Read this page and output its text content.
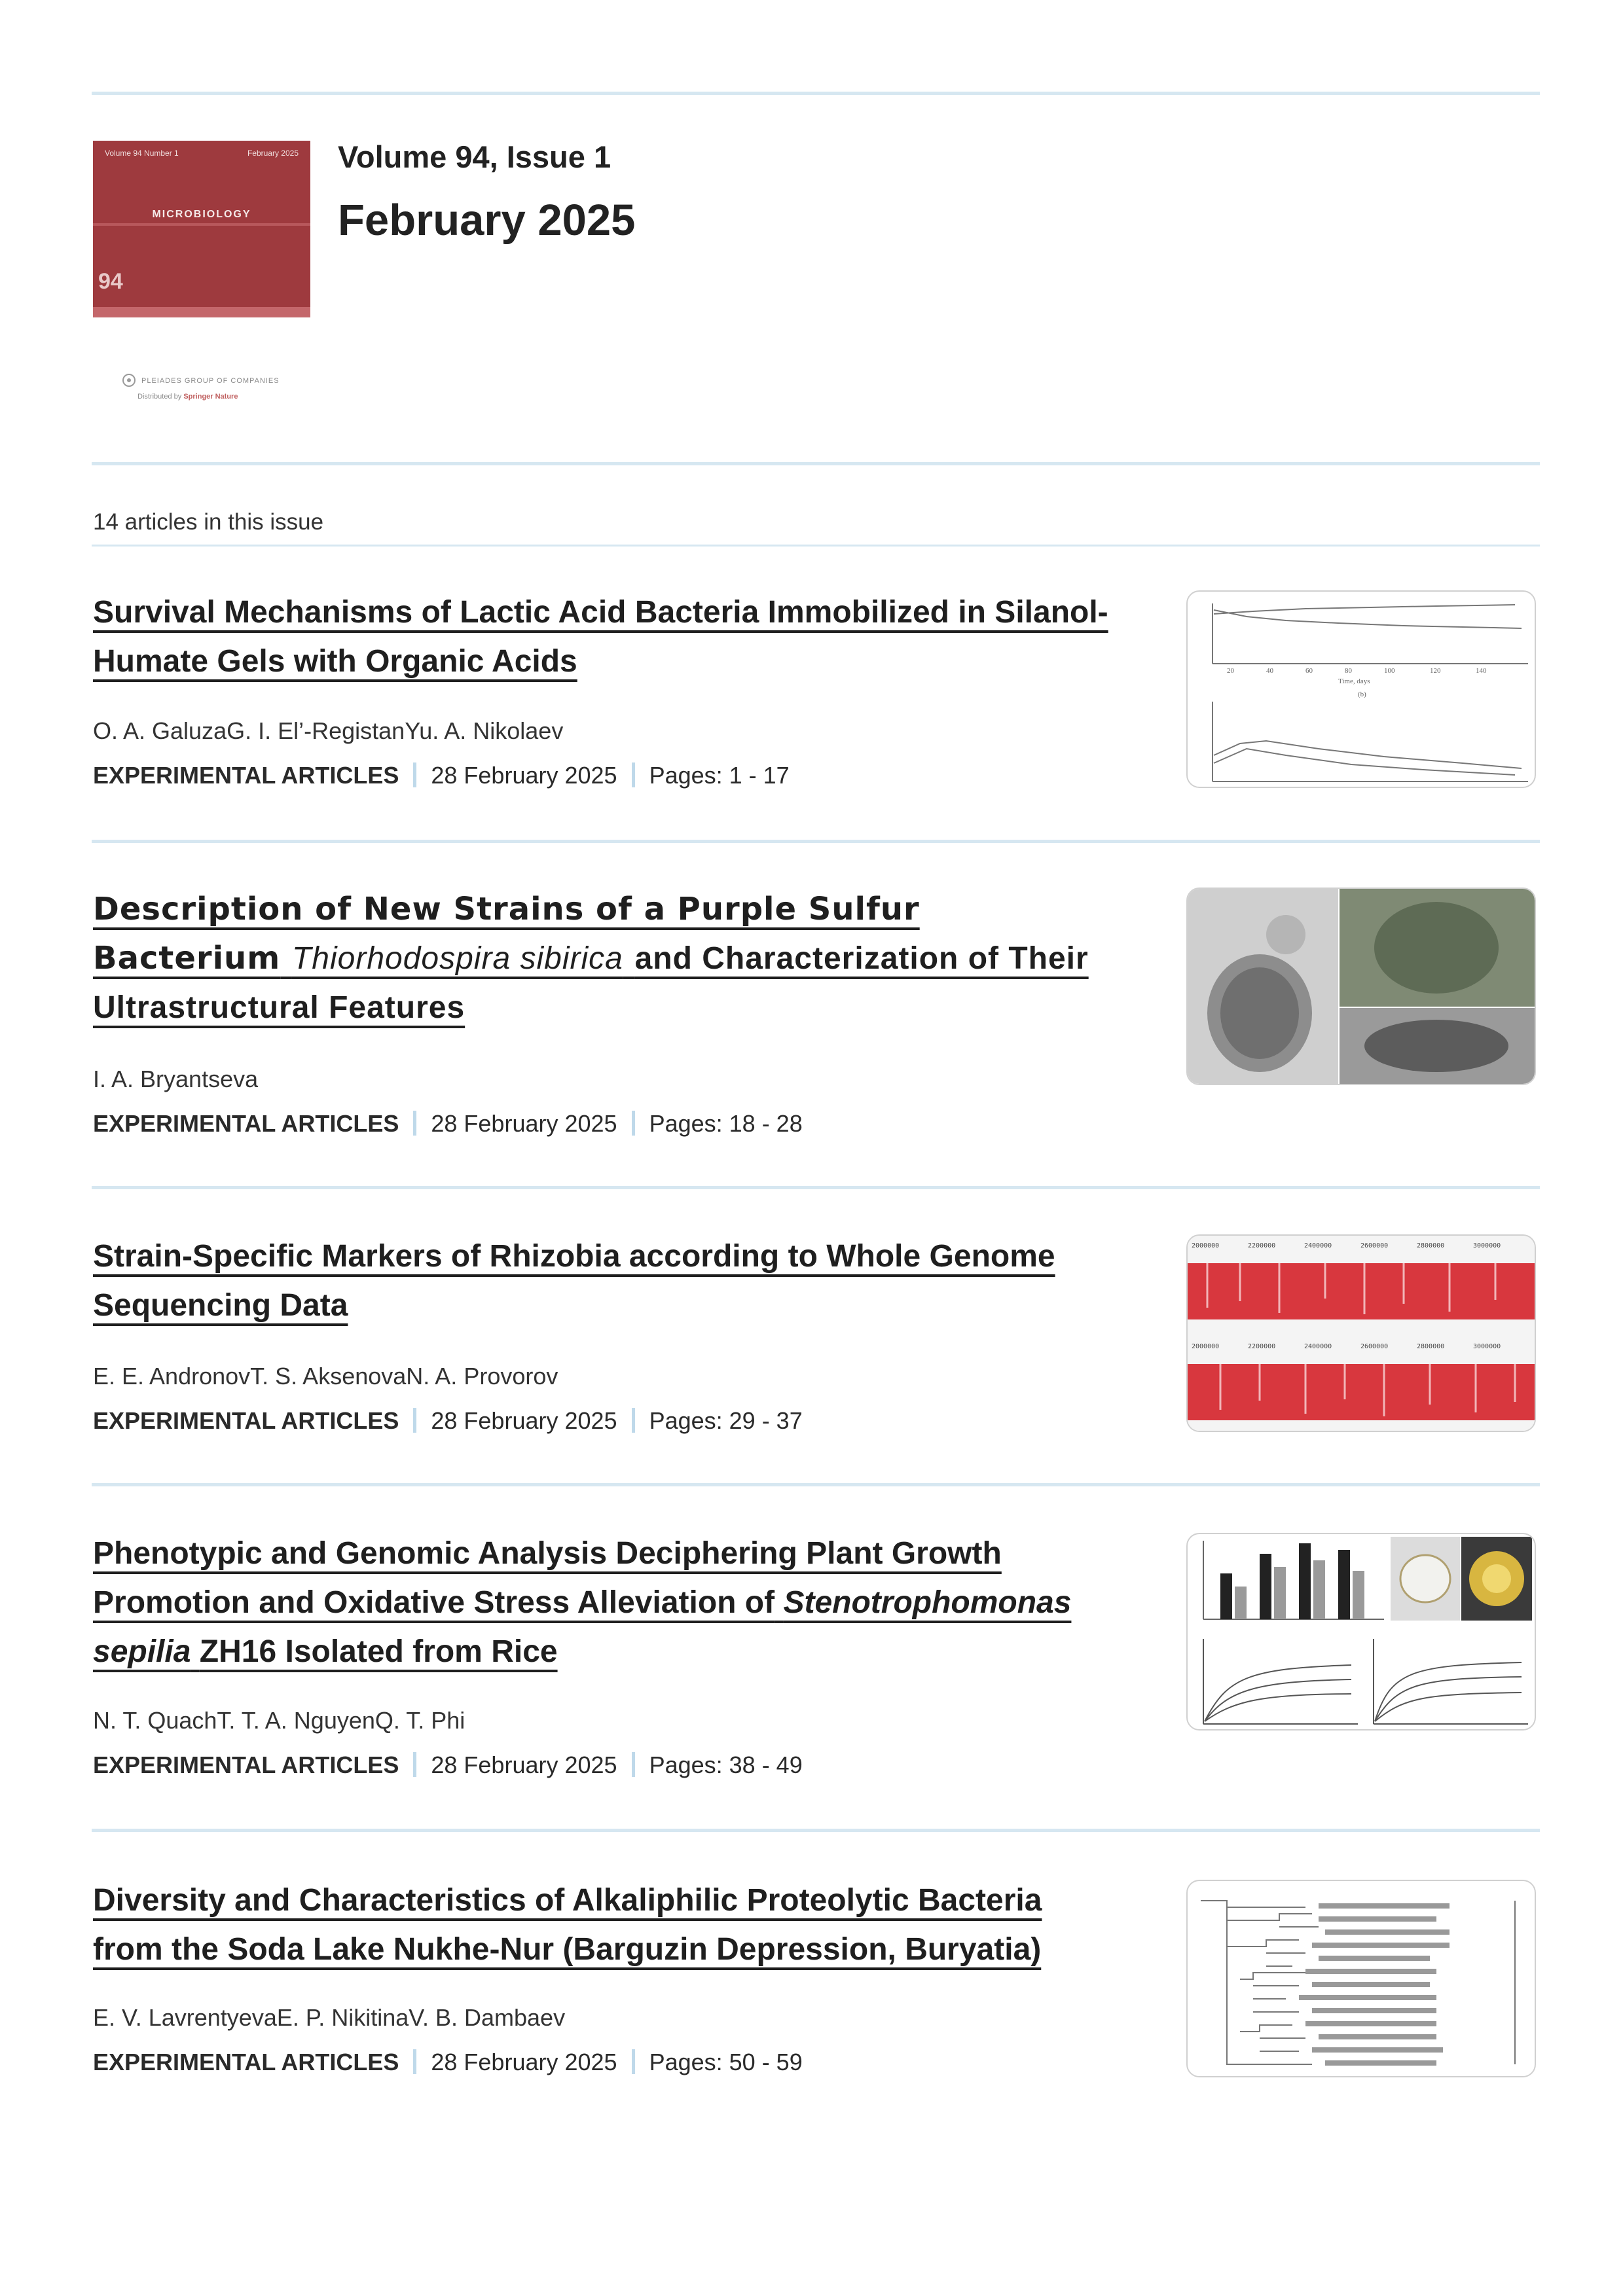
Volume 94 Number 1	February 2025
MICROBIOLOGY
94
PLEIADES GROUP OF COMPANIES
Distributed by Springer Nature
Volume 94, Issue 1
February 2025
14 articles in this issue
Survival Mechanisms of Lactic Acid Bacteria Immobilized in Silanol-
Humate Gels with Organic Acids
O. A. GaluzaG. I. El’-RegistanYu. A. Nikolaev
EXPERIMENTAL ARTICLES 28 February 2025 Pages: 1 - 17
20	40	60	80	100	120	140
Time, days
(b)
Description of New Strains of a Purple Sulfur
Bacterium Thiorhodospira sibirica and Characterization of Their
Ultrastructural Features
I. A. Bryantseva
EXPERIMENTAL ARTICLES 28 February 2025 Pages: 18 - 28
Strain-Specific Markers of Rhizobia according to Whole Genome
Sequencing Data
E. E. AndronovT. S. AksenovaN. A. Provorov
EXPERIMENTAL ARTICLES 28 February 2025 Pages: 29 - 37
2000000	2200000	2400000	2600000	2800000	3000000
2000000	2200000	2400000	2600000	2800000	3000000
Phenotypic and Genomic Analysis Deciphering Plant Growth
Promotion and Oxidative Stress Alleviation of Stenotrophomonas
sepilia ZH16 Isolated from Rice
N. T. QuachT. T. A. NguyenQ. T. Phi
EXPERIMENTAL ARTICLES 28 February 2025 Pages: 38 - 49
Diversity and Characteristics of Alkaliphilic Proteolytic Bacteria
from the Soda Lake Nukhe-Nur (Barguzin Depression, Buryatia)
E. V. LavrentyevaE. P. NikitinaV. B. Dambaev
EXPERIMENTAL ARTICLES 28 February 2025 Pages: 50 - 59
